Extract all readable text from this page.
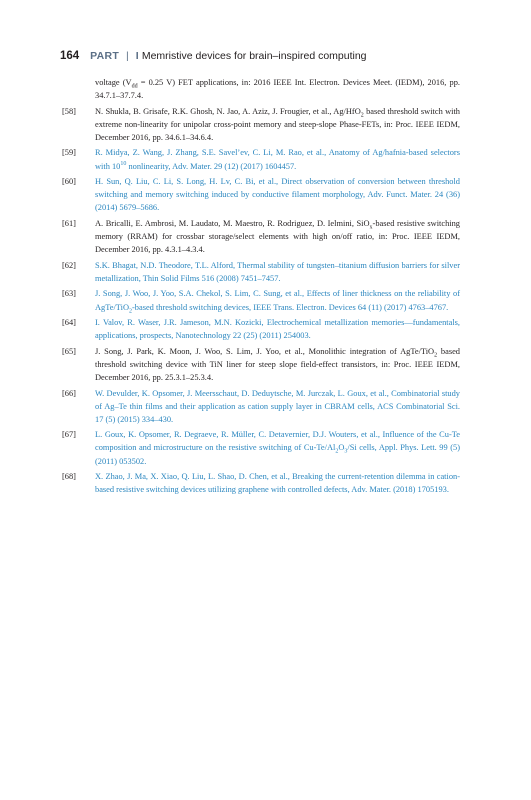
164 PART | I Memristive devices for brain–inspired computing
voltage ($V_{dd} = 0.25$ V) FET applications, in: 2016 IEEE Int. Electron. Devices Meet. (IEDM), 2016, pp. 34.7.1–37.7.4.
[58] N. Shukla, B. Grisafe, R.K. Ghosh, N. Jao, A. Aziz, J. Frougier, et al., Ag/HfO$_2$ based threshold switch with extreme non-linearity for unipolar cross-point memory and steep-slope Phase-FETs, in: Proc. IEEE IEDM, December 2016, pp. 34.6.1–34.6.4.
[59] R. Midya, Z. Wang, J. Zhang, S.E. Savel’ev, C. Li, M. Rao, et al., Anatomy of Ag/hafnia-based selectors with $10^{10}$ nonlinearity, Adv. Mater. 29 (12) (2017) 1604457.
[60] H. Sun, Q. Liu, C. Li, S. Long, H. Lv, C. Bi, et al., Direct observation of conversion between threshold switching and memory switching induced by conductive filament morphology, Adv. Funct. Mater. 24 (36) (2014) 5679–5686.
[61] A. Bricalli, E. Ambrosi, M. Laudato, M. Maestro, R. Rodriguez, D. Ielmini, SiO$_x$-based resistive switching memory (RRAM) for crossbar storage/select elements with high on/off ratio, in: Proc. IEEE IEDM, December 2016, pp. 4.3.1–4.3.4.
[62] S.K. Bhagat, N.D. Theodore, T.L. Alford, Thermal stability of tungsten–titanium diffusion barriers for silver metallization, Thin Solid Films 516 (2008) 7451–7457.
[63] J. Song, J. Woo, J. Yoo, S.A. Chekol, S. Lim, C. Sung, et al., Effects of liner thickness on the reliability of AgTe/TiO$_2$-based threshold switching devices, IEEE Trans. Electron. Devices 64 (11) (2017) 4763–4767.
[64] I. Valov, R. Waser, J.R. Jameson, M.N. Kozicki, Electrochemical metallization memories—fundamentals, applications, prospects, Nanotechnology 22 (25) (2011) 254003.
[65] J. Song, J. Park, K. Moon, J. Woo, S. Lim, J. Yoo, et al., Monolithic integration of AgTe/TiO$_2$ based threshold switching device with TiN liner for steep slope field-effect transistors, in: Proc. IEEE IEDM, December 2016, pp. 25.3.1–25.3.4.
[66] W. Devulder, K. Opsomer, J. Meersschaut, D. Deduytsche, M. Jurczak, L. Goux, et al., Combinatorial study of Ag–Te thin films and their application as cation supply layer in CBRAM cells, ACS Combinatorial Sci. 17 (5) (2015) 334–430.
[67] L. Goux, K. Opsomer, R. Degraeve, R. Müller, C. Detavernier, D.J. Wouters, et al., Influence of the Cu-Te composition and microstructure on the resistive switching of $Cu-Te/Al_2O_3/Si$ cells, Appl. Phys. Lett. 99 (5) (2011) 053502.
[68] X. Zhao, J. Ma, X. Xiao, Q. Liu, L. Shao, D. Chen, et al., Breaking the current-retention dilemma in cation-based resistive switching devices utilizing graphene with controlled defects, Adv. Mater. (2018) 1705193.
